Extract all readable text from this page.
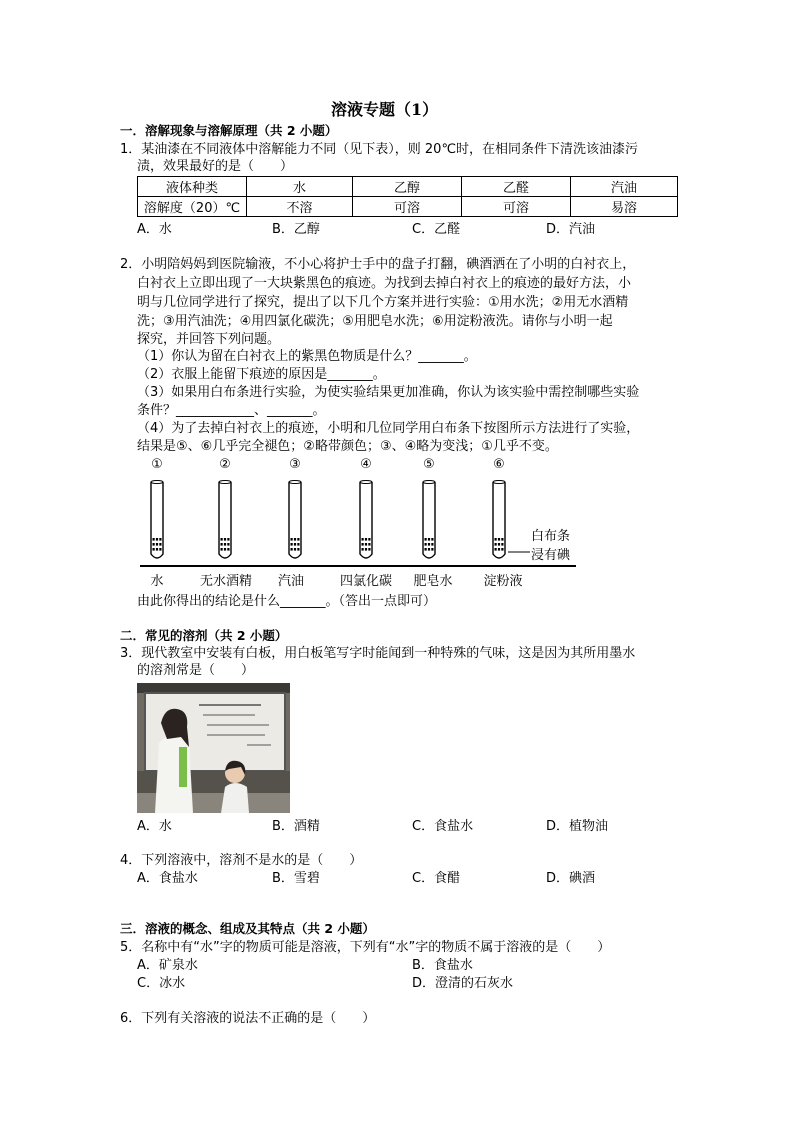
溶液专题（1）
一．溶解现象与溶解原理（共 2 小题）
1．某油漆在不同液体中溶解能力不同（见下表），则 20℃时，在相同条件下清洗该油漆污
渍，效果最好的是（　　）
液体种类	水	乙醇	乙醛	汽油
溶解度（20）℃	不溶	可溶	可溶	易溶
A．水	B．乙醇	C．乙醛	D．汽油
2．小明陪妈妈到医院输液，不小心将护士手中的盘子打翻，碘酒洒在了小明的白衬衣上，
白衬衣上立即出现了一大块紫黑色的痕迹。为找到去掉白衬衣上的痕迹的最好方法，小
明与几位同学进行了探究，提出了以下几个方案并进行实验：①用水洗；②用无水酒精
洗；③用汽油洗；④用四氯化碳洗；⑤用肥皂水洗；⑥用淀粉液洗。请你与小明一起
探究，并回答下列问题。
（1）你认为留在白衬衣上的紫黑色物质是什么？_______。
（2）衣服上能留下痕迹的原因是_______。
（3）如果用白布条进行实验，为使实验结果更加准确，你认为该实验中需控制哪些实验
条件？____________、_______。
（4）为了去掉白衬衣上的痕迹，小明和几位同学用白布条下按图所示方法进行了实验，
结果是⑤、⑥几乎完全褪色；②略带颜色；③、④略为变浅；①几乎不变。
①	②	③	④	⑤	⑥
白布条
浸有碘
水	无水酒精	汽油	四氯化碳	肥皂水	淀粉液
由此你得出的结论是什么_______。（答出一点即可）
二．常见的溶剂（共 2 小题）
3．现代教室中安装有白板，用白板笔写字时能闻到一种特殊的气味，这是因为其所用墨水
的溶剂常是（　　）
A．水	B．酒精	C．食盐水	D．植物油
4．下列溶液中，溶剂不是水的是（　　）
A．食盐水	B．雪碧	C．食醋	D．碘酒
三．溶液的概念、组成及其特点（共 2 小题）
5．名称中有“水”字的物质可能是溶液，下列有“水”字的物质不属于溶液的是（　　）
A．矿泉水	B．食盐水
C．冰水	D．澄清的石灰水
6．下列有关溶液的说法不正确的是（　　）
